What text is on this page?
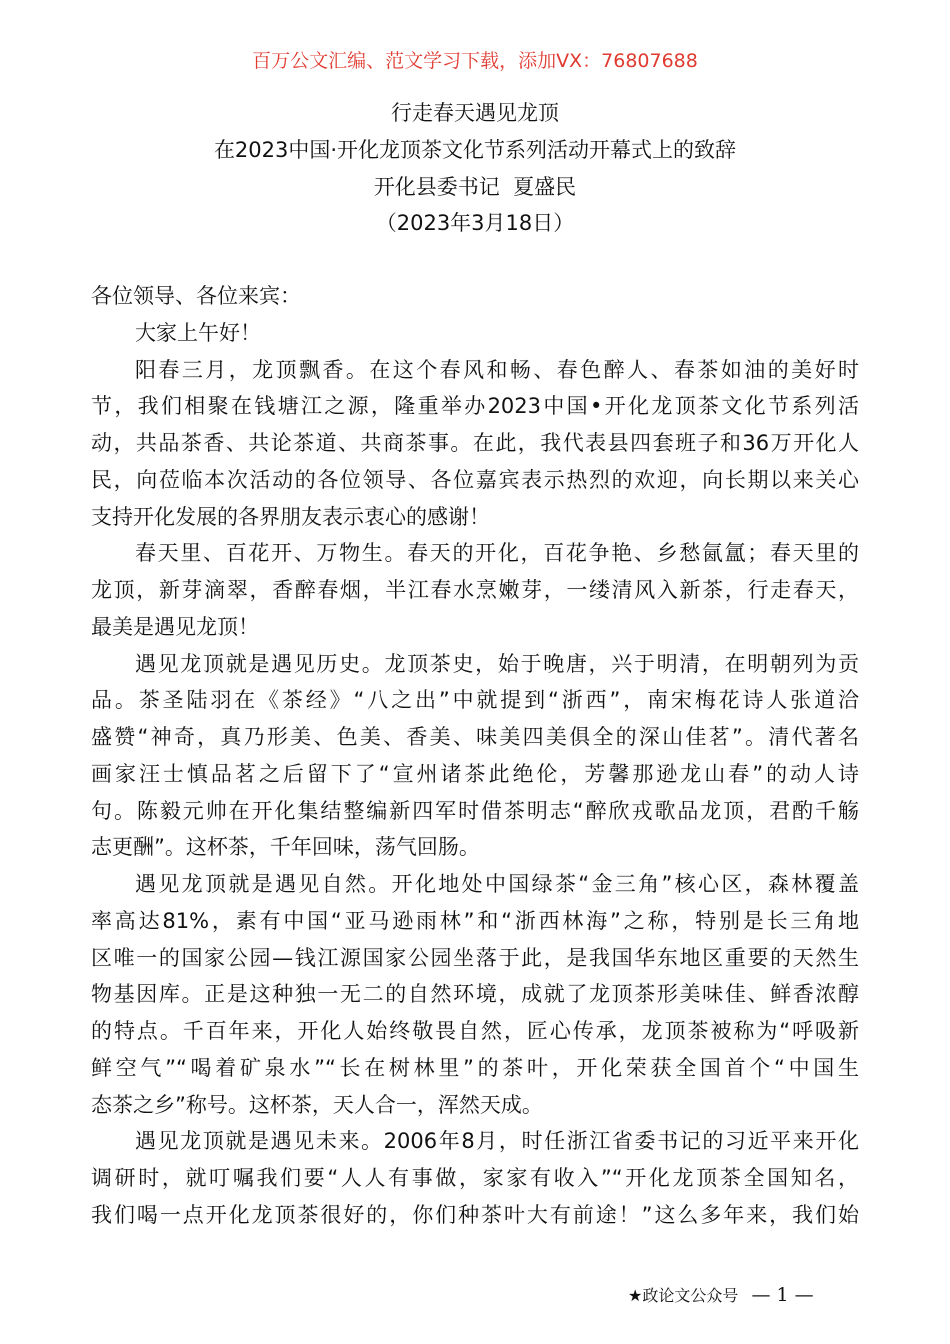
百万公文汇编、范文学习下载，添加VX：76807688
行走春天遇见龙顶
在2023中国·开化龙顶茶文化节系列活动开幕式上的致辞
开化县委书记  夏盛民
（2023年3月18日）
各位领导、各位来宾：
大家上午好！
阳春三月，龙顶飘香。在这个春风和畅、春色醉人、春茶如油的美好时
节，我们相聚在钱塘江之源，隆重举办2023中国•开化龙顶茶文化节系列活
动，共品茶香、共论茶道、共商茶事。在此，我代表县四套班子和36万开化人
民，向莅临本次活动的各位领导、各位嘉宾表示热烈的欢迎，向长期以来关心
支持开化发展的各界朋友表示衷心的感谢！
春天里、百花开、万物生。春天的开化，百花争艳、乡愁氤氲；春天里的
龙顶，新芽滴翠，香醉春烟，半江春水烹嫩芽，一缕清风入新茶，行走春天，
最美是遇见龙顶！
遇见龙顶就是遇见历史。龙顶茶史，始于晚唐，兴于明清，在明朝列为贡
品。茶圣陆羽在《茶经》“八之出”中就提到“浙西”，南宋梅花诗人张道洽
盛赞“神奇，真乃形美、色美、香美、味美四美俱全的深山佳茗”。清代著名
画家汪士慎品茗之后留下了“宣州诸茶此绝伦，芳馨那逊龙山春”的动人诗
句。陈毅元帅在开化集结整编新四军时借茶明志“醉欣戎歌品龙顶，君酌千觞
志更酬”。这杯茶，千年回味，荡气回肠。
遇见龙顶就是遇见自然。开化地处中国绿茶“金三角”核心区，森林覆盖
率高达81%，素有中国“亚马逊雨林”和“浙西林海”之称，特别是长三角地
区唯一的国家公园—钱江源国家公园坐落于此，是我国华东地区重要的天然生
物基因库。正是这种独一无二的自然环境，成就了龙顶茶形美味佳、鲜香浓醇
的特点。千百年来，开化人始终敬畏自然，匠心传承，龙顶茶被称为“呼吸新
鲜空气”“喝着矿泉水”“长在树林里”的茶叶，开化荣获全国首个“中国生
态茶之乡”称号。这杯茶，天人合一，浑然天成。
遇见龙顶就是遇见未来。2006年8月，时任浙江省委书记的习近平来开化
调研时，就叮嘱我们要“人人有事做，家家有收入”“开化龙顶茶全国知名，
我们喝一点开化龙顶茶很好的，你们种茶叶大有前途！”这么多年来，我们始
★政论文公众号 — 1 —
